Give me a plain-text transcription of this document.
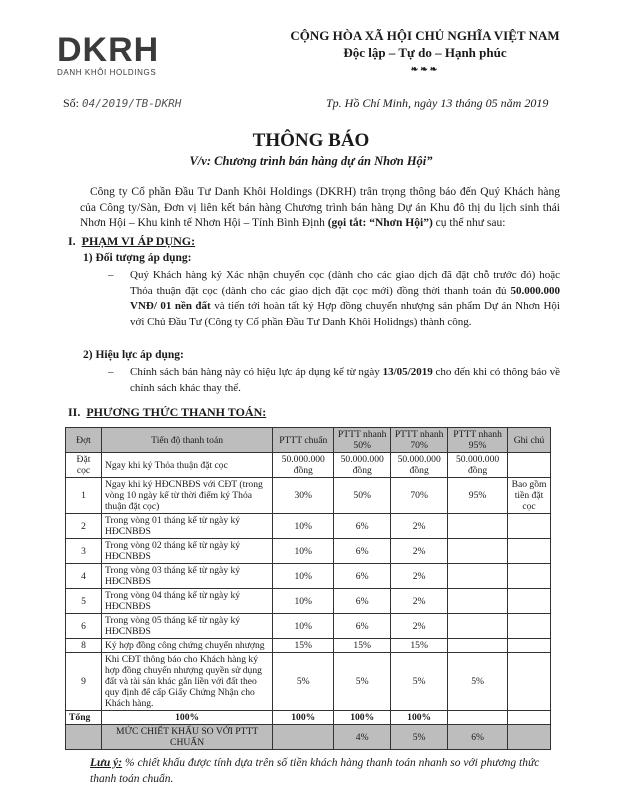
DKRH
DANH KHÔI HOLDINGS
CỘNG HÒA XÃ HỘI CHỦ NGHĨA VIỆT NAM
Độc lập – Tự do – Hạnh phúc
❧❧❧
Số: 04/2019/TB-DKRH	Tp. Hồ Chí Minh, ngày 13 tháng 05 năm 2019
THÔNG BÁO
V/v: Chương trình bán hàng dự án Nhơn Hội”
Công ty Cổ phần Đầu Tư Danh Khôi Holdings (DKRH) trân trọng thông báo đến Quý Khách hàng của Công ty/Sàn, Đơn vị liên kết bán hàng Chương trình bán hàng Dự án Khu đô thị du lịch sinh thái Nhơn Hội – Khu kinh tế Nhơn Hội – Tỉnh Bình Định (gọi tắt: “Nhơn Hội”) cụ thể như sau:
I. PHẠM VI ÁP DỤNG:
1) Đối tượng áp dụng:
– Quý Khách hàng ký Xác nhận chuyển cọc (dành cho các giao dịch đã đặt chỗ trước đó) hoặc Thỏa thuận đặt cọc (dành cho các giao dịch đặt cọc mới) đồng thời thanh toán đủ 50.000.000 VNĐ/ 01 nền đất và tiến tới hoàn tất ký Hợp đồng chuyển nhượng sản phẩm Dự án Nhơn Hội với Chủ Đầu Tư (Công ty Cổ phần Đầu Tư Danh Khôi Holidngs) thành công.
2) Hiệu lực áp dụng:
– Chính sách bán hàng này có hiệu lực áp dụng kể từ ngày 13/05/2019 cho đến khi có thông báo về chính sách khác thay thế.
II. PHƯƠNG THỨC THANH TOÁN:
Đợt	Tiến độ thanh toán	PTTT chuẩn	PTTT nhanh 50%	PTTT nhanh 70%	PTTT nhanh 95%	Ghi chú
Đặt cọc	Ngay khi ký Thỏa thuận đặt cọc	50.000.000 đồng	50.000.000 đồng	50.000.000 đồng	50.000.000 đồng	
1	Ngay khi ký HĐCNBĐS với CĐT (trong vòng 10 ngày kể từ thời điểm ký Thỏa thuận đặt cọc)	30%	50%	70%	95%	Bao gồm tiền đặt cọc
2	Trong vòng 01 tháng kể từ ngày ký HĐCNBĐS	10%	6%	2%		
3	Trong vòng 02 tháng kể từ ngày ký HĐCNBĐS	10%	6%	2%		
4	Trong vòng 03 tháng kể từ ngày ký HĐCNBĐS	10%	6%	2%		
5	Trong vòng 04 tháng kể từ ngày ký HĐCNBĐS	10%	6%	2%		
6	Trong vòng 05 tháng kể từ ngày ký HĐCNBĐS	10%	6%	2%		
8	Ký hợp đồng công chứng chuyển nhượng	15%	15%	15%		
9	Khi CĐT thông báo cho Khách hàng ký hợp đồng chuyển nhượng quyền sử dụng đất và tài sản khác gắn liền với đất theo quy định để cấp Giấy Chứng Nhận cho Khách hàng.	5%	5%	5%	5%	
Tổng	100%	100%	100%	100%		
	MỨC CHIẾT KHẤU SO VỚI PTTT CHUẨN		4%	5%	6%	
Lưu ý: % chiết khấu được tính dựa trên số tiền khách hàng thanh toán nhanh so với phương thức thanh toán chuẩn.
